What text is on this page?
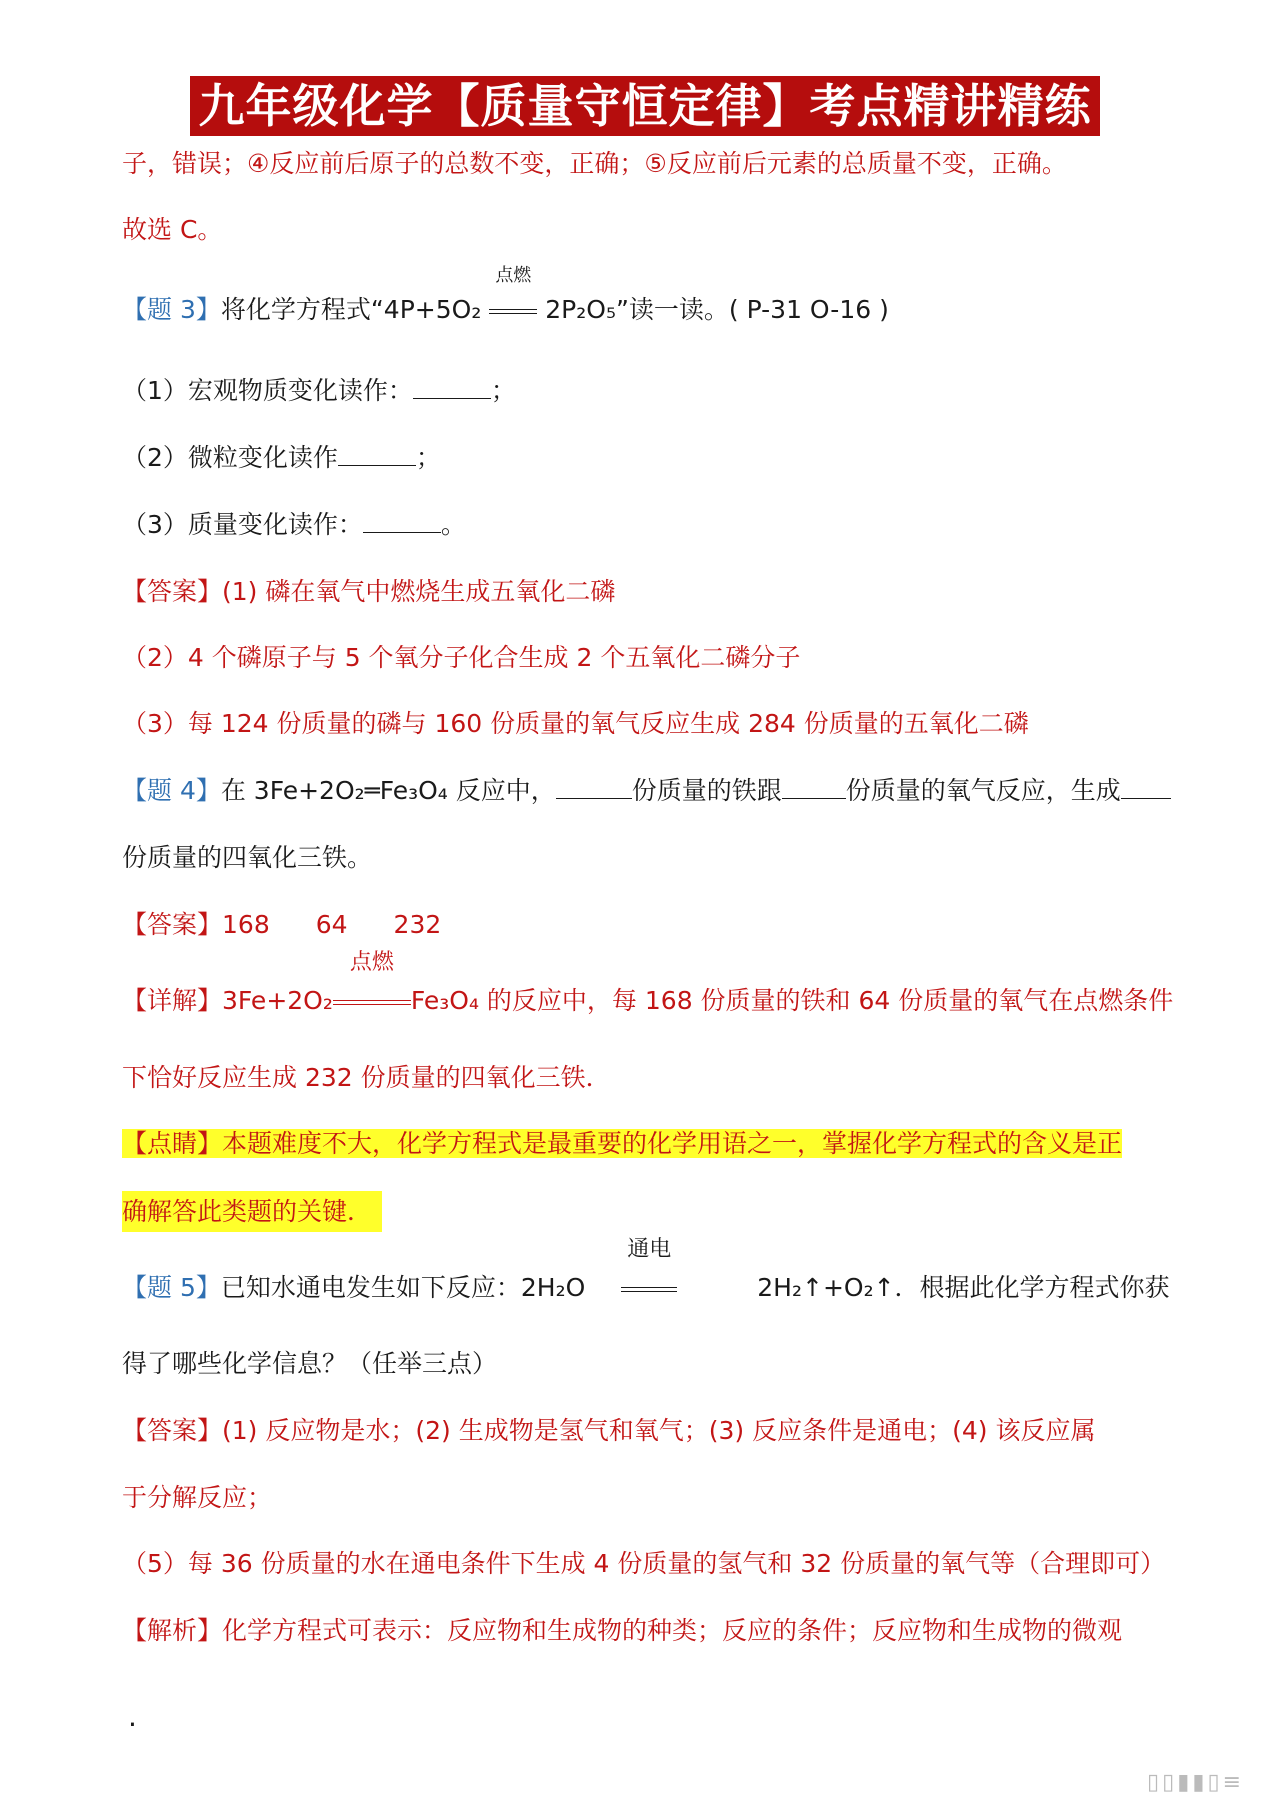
九年级化学【质量守恒定律】考点精讲精练
子，错误；④反应前后原子的总数不变，正确；⑤反应前后元素的总质量不变，正确。
故选 C。
【题 3】将化学方程式“4P+5O₂
点燃
2P₂O₅”读一读。( P-31 O-16 )
（1）宏观物质变化读作：	；
（2）微粒变化读作	；
（3）质量变化读作：	。
【答案】(1) 磷在氧气中燃烧生成五氧化二磷
（2）4 个磷原子与 5 个氧分子化合生成 2 个五氧化二磷分子
（3）每 124 份质量的磷与 160 份质量的氧气反应生成 284 份质量的五氧化二磷
【题 4】在 3Fe+2O₂═Fe₃O₄ 反应中，	份质量的铁跟	份质量的氧气反应，生成
份质量的四氧化三铁。
【答案】168 64 232
【详解】3Fe+2O₂
点燃
Fe₃O₄ 的反应中，每 168 份质量的铁和 64 份质量的氧气在点燃条件
下恰好反应生成 232 份质量的四氧化三铁．
【点睛】本题难度不大，化学方程式是最重要的化学用语之一，掌握化学方程式的含义是正
确解答此类题的关键．
【题 5】已知水通电发生如下反应：2H₂O
通电
2H₂↑+O₂↑．根据此化学方程式你获
得了哪些化学信息？（任举三点）
【答案】(1) 反应物是水；(2) 生成物是氢气和氧气；(3) 反应条件是通电；(4) 该反应属
于分解反应；
（5）每 36 份质量的水在通电条件下生成 4 份质量的氢气和 32 份质量的氧气等（合理即可）
【解析】化学方程式可表示：反应物和生成物的种类；反应的条件；反应物和生成物的微观
.
▯▯▮▮▯≡
